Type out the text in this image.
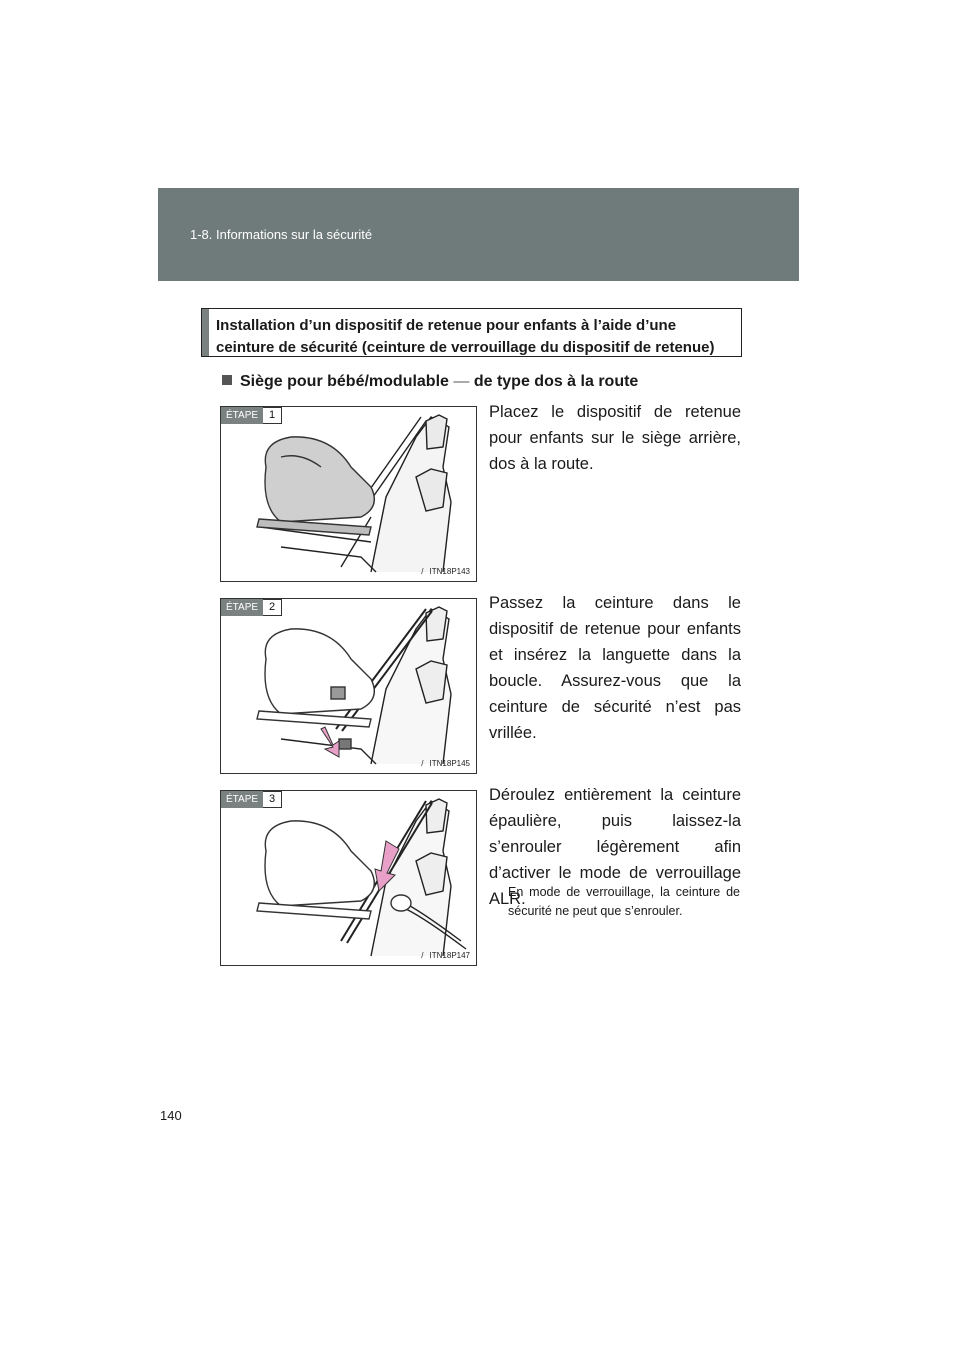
1-8. Informations sur la sécurité
Installation d’un dispositif de retenue pour enfants à l’aide d’une ceinture de sécurité (ceinture de verrouillage du dispositif de retenue)
Siège pour bébé/modulable — de type dos à la route
ÉTAPE	1
/ ITN18P143
Placez le dispositif de retenue pour enfants sur le siège arrière, dos à la route.
ÉTAPE	2
/ ITN18P145
Passez la ceinture dans le dispositif de retenue pour enfants et insérez la languette dans la boucle. Assurez-vous que la ceinture de sécurité n’est pas vrillée.
ÉTAPE	3
/ ITN18P147
Déroulez entièrement la ceinture épaulière, puis laissez-la s’enrouler légèrement afin d’activer le mode de verrouillage ALR.
En mode de verrouillage, la ceinture de sécurité ne peut que s’enrouler.
140
